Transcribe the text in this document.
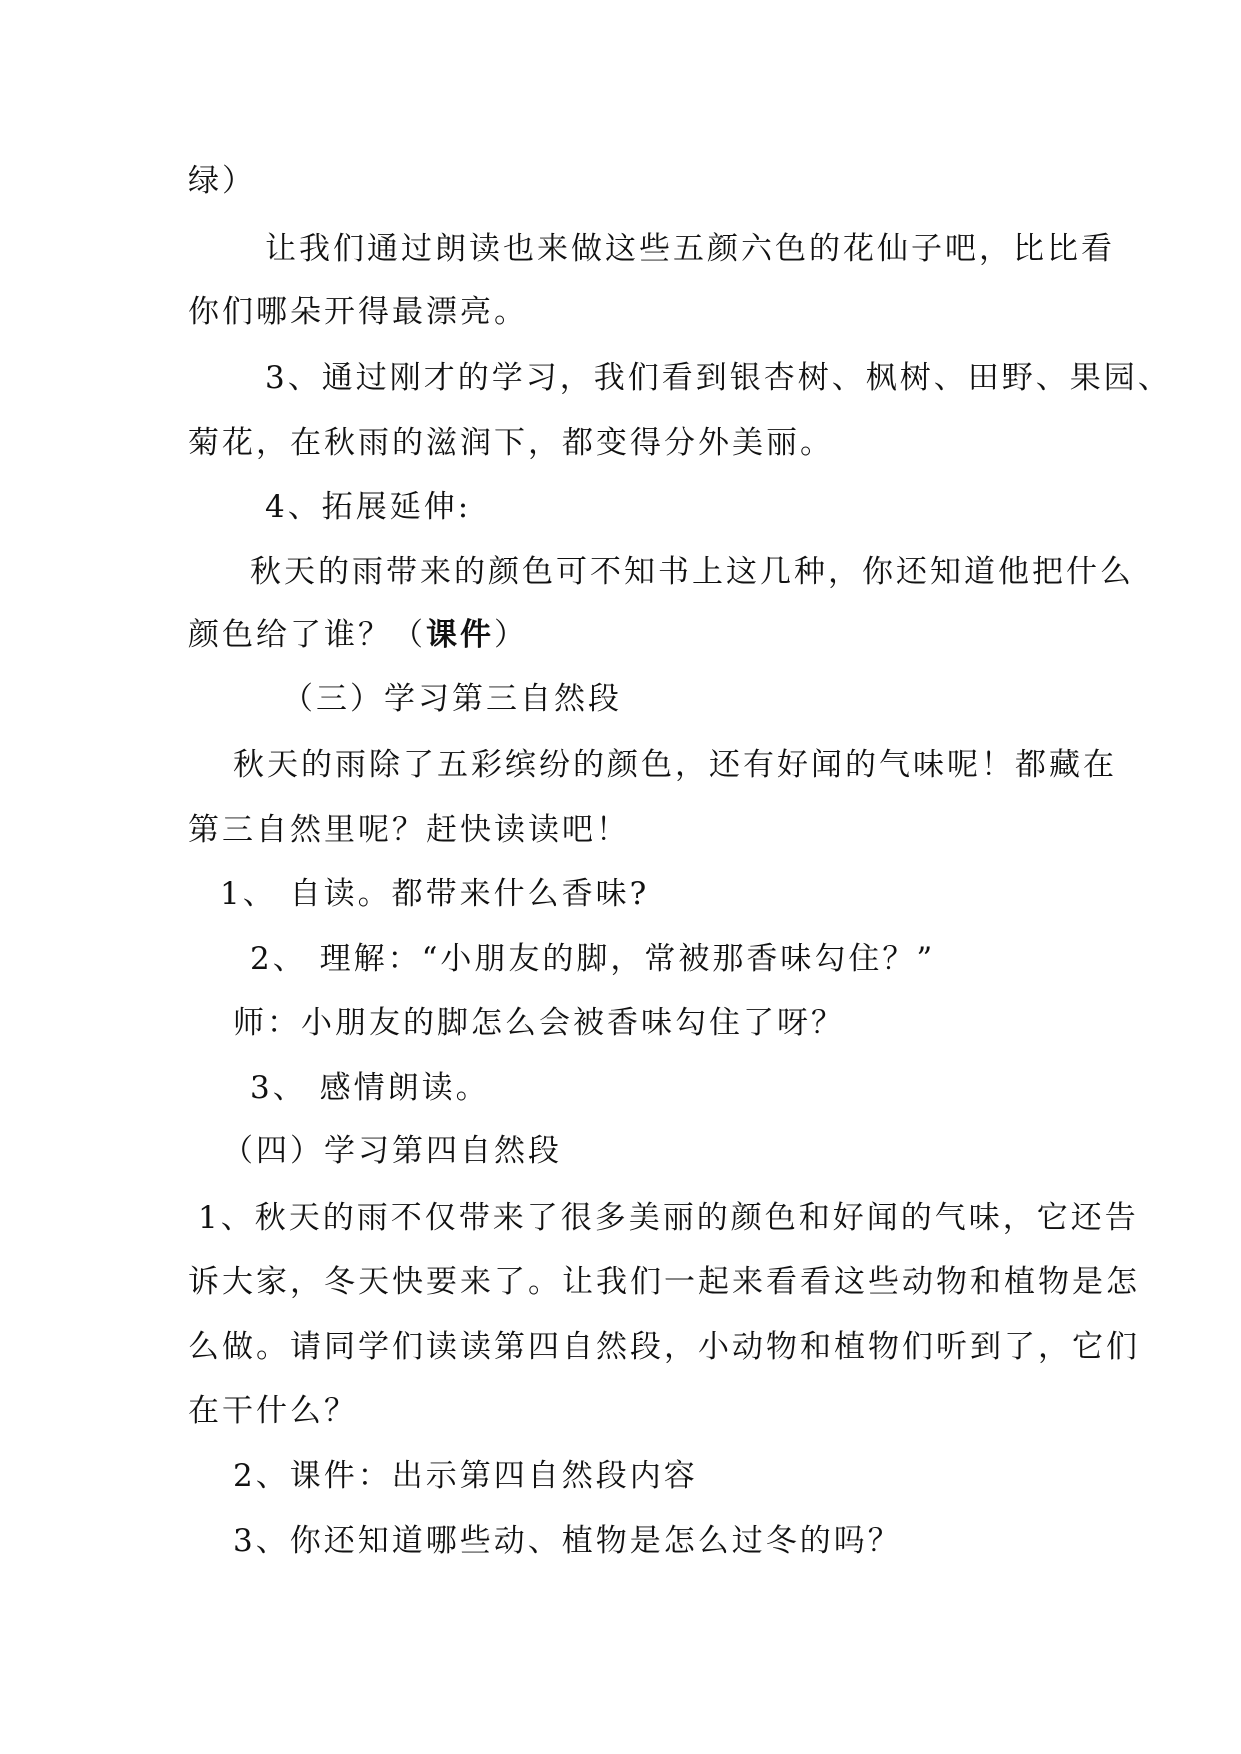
绿）
让我们通过朗读也来做这些五颜六色的花仙子吧，比比看
你们哪朵开得最漂亮。
3、通过刚才的学习，我们看到银杏树、枫树、田野、果园、
菊花，在秋雨的滋润下，都变得分外美丽。
4、拓展延伸:
秋天的雨带来的颜色可不知书上这几种，你还知道他把什么
颜色给了谁？（课件）
（三）学习第三自然段
秋天的雨除了五彩缤纷的颜色，还有好闻的气味呢！都藏在
第三自然里呢？赶快读读吧！
1、 自读。都带来什么香味?
2、 理解：“小朋友的脚，常被那香味勾住？”
师：小朋友的脚怎么会被香味勾住了呀？
3、 感情朗读。
（四）学习第四自然段
1、秋天的雨不仅带来了很多美丽的颜色和好闻的气味，它还告
诉大家，冬天快要来了。让我们一起来看看这些动物和植物是怎
么做。请同学们读读第四自然段，小动物和植物们听到了，它们
在干什么？
2、课件：出示第四自然段内容
3、你还知道哪些动、植物是怎么过冬的吗？
